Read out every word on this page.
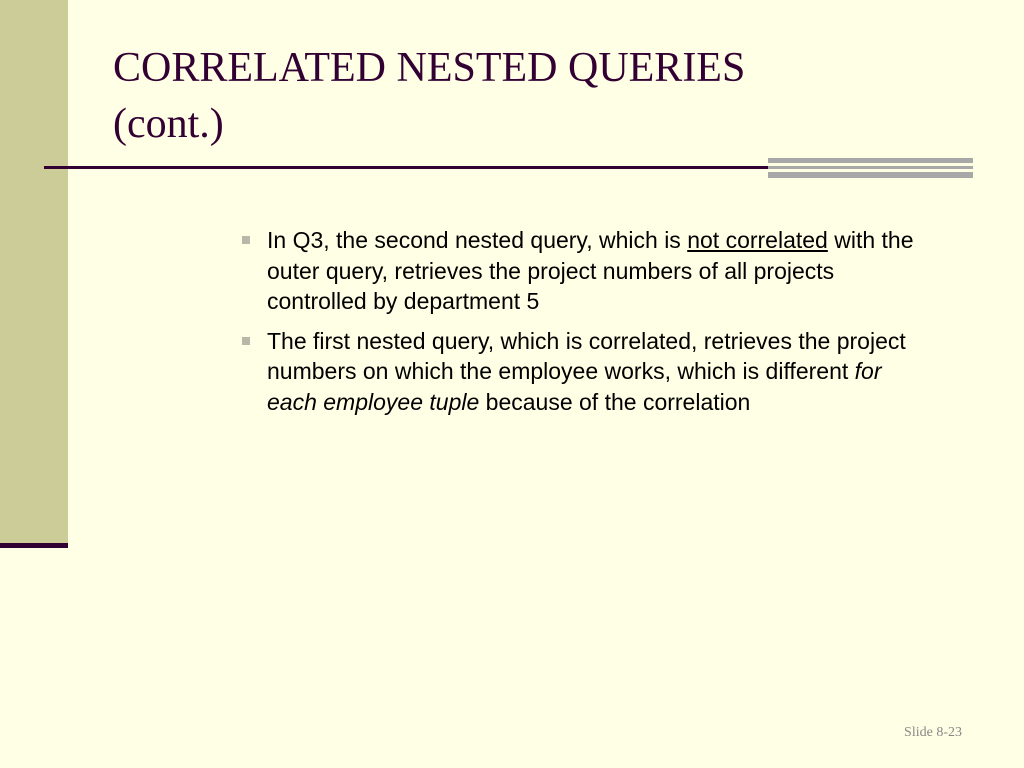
CORRELATED NESTED QUERIES
(cont.)
In Q3, the second nested query, which is not correlated with the outer query, retrieves the project numbers of all projects controlled by department 5
The first nested query, which is correlated, retrieves the project numbers on which the employee works, which is different for each employee tuple because of the correlation
Slide 8-23
